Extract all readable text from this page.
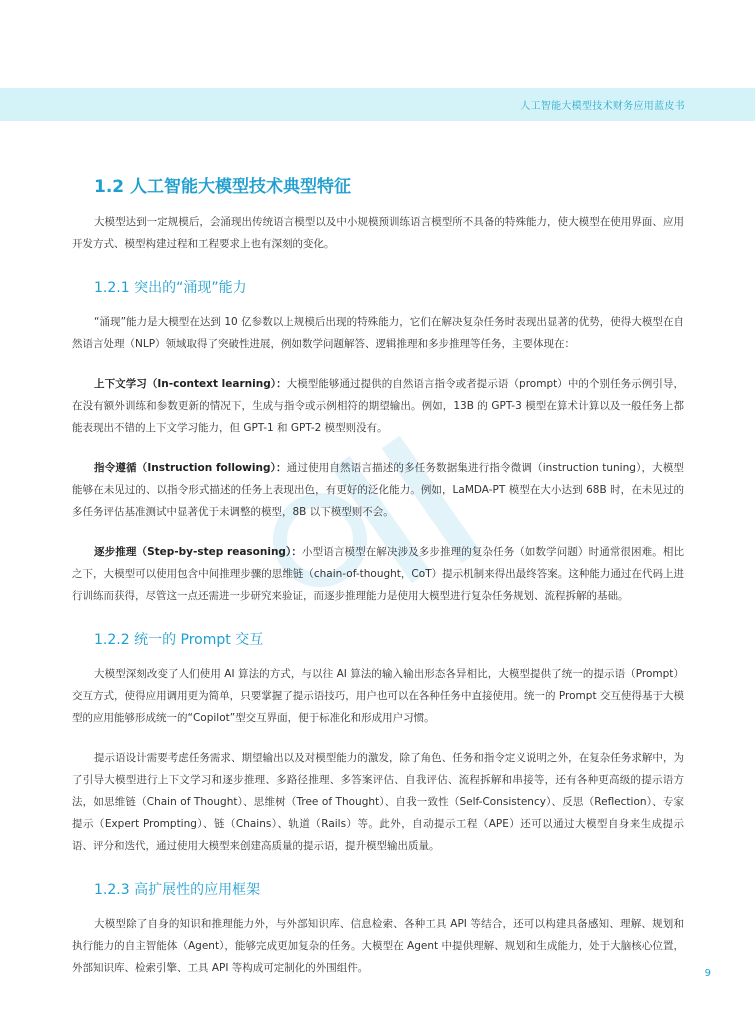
人工智能大模型技术财务应用蓝皮书
1.2 人工智能大模型技术典型特征

大模型达到一定规模后，会涌现出传统语言模型以及中小规模预训练语言模型所不具备的特殊能力，使大模型在使用界面、应用开发方式、模型构建过程和工程要求上也有深刻的变化。

1.2.1 突出的“涌现”能力

“涌现”能力是大模型在达到 10 亿参数以上规模后出现的特殊能力，它们在解决复杂任务时表现出显著的优势，使得大模型在自然语言处理（NLP）领域取得了突破性进展，例如数学问题解答、逻辑推理和多步推理等任务，主要体现在：

上下文学习（In-context learning）：大模型能够通过提供的自然语言指令或者提示语（prompt）中的个别任务示例引导，在没有额外训练和参数更新的情况下，生成与指令或示例相符的期望输出。例如，13B 的 GPT-3 模型在算术计算以及一般任务上都能表现出不错的上下文学习能力，但 GPT-1 和 GPT-2 模型则没有。

指令遵循（Instruction following）：通过使用自然语言描述的多任务数据集进行指令微调（instruction tuning），大模型能够在未见过的、以指令形式描述的任务上表现出色，有更好的泛化能力。例如，LaMDA-PT 模型在大小达到 68B 时，在未见过的多任务评估基准测试中显著优于未调整的模型，8B 以下模型则不会。

逐步推理（Step-by-step reasoning）：小型语言模型在解决涉及多步推理的复杂任务（如数学问题）时通常很困难。相比之下，大模型可以使用包含中间推理步骤的思维链（chain-of-thought，CoT）提示机制来得出最终答案。这种能力通过在代码上进行训练而获得，尽管这一点还需进一步研究来验证，而逐步推理能力是使用大模型进行复杂任务规划、流程拆解的基础。

1.2.2 统一的 Prompt 交互

大模型深刻改变了人们使用 AI 算法的方式，与以往 AI 算法的输入输出形态各异相比，大模型提供了统一的提示语（Prompt）交互方式，使得应用调用更为简单，只要掌握了提示语技巧，用户也可以在各种任务中直接使用。统一的 Prompt 交互使得基于大模型的应用能够形成统一的“Copilot”型交互界面，便于标准化和形成用户习惯。

提示语设计需要考虑任务需求、期望输出以及对模型能力的激发，除了角色、任务和指令定义说明之外，在复杂任务求解中，为了引导大模型进行上下文学习和逐步推理、多路径推理、多答案评估、自我评估、流程拆解和串接等，还有各种更高级的提示语方法，如思维链（Chain of Thought）、思维树（Tree of Thought）、自我一致性（Self-Consistency）、反思（Reflection）、专家提示（Expert Prompting）、链（Chains）、轨道（Rails）等。此外，自动提示工程（APE）还可以通过大模型自身来生成提示语、评分和迭代，通过使用大模型来创建高质量的提示语，提升模型输出质量。

1.2.3 高扩展性的应用框架

大模型除了自身的知识和推理能力外，与外部知识库、信息检索、各种工具 API 等结合，还可以构建具备感知、理解、规划和执行能力的自主智能体（Agent），能够完成更加复杂的任务。大模型在 Agent 中提供理解、规划和生成能力，处于大脑核心位置，外部知识库、检索引擎、工具 API 等构成可定制化的外围组件。	9
